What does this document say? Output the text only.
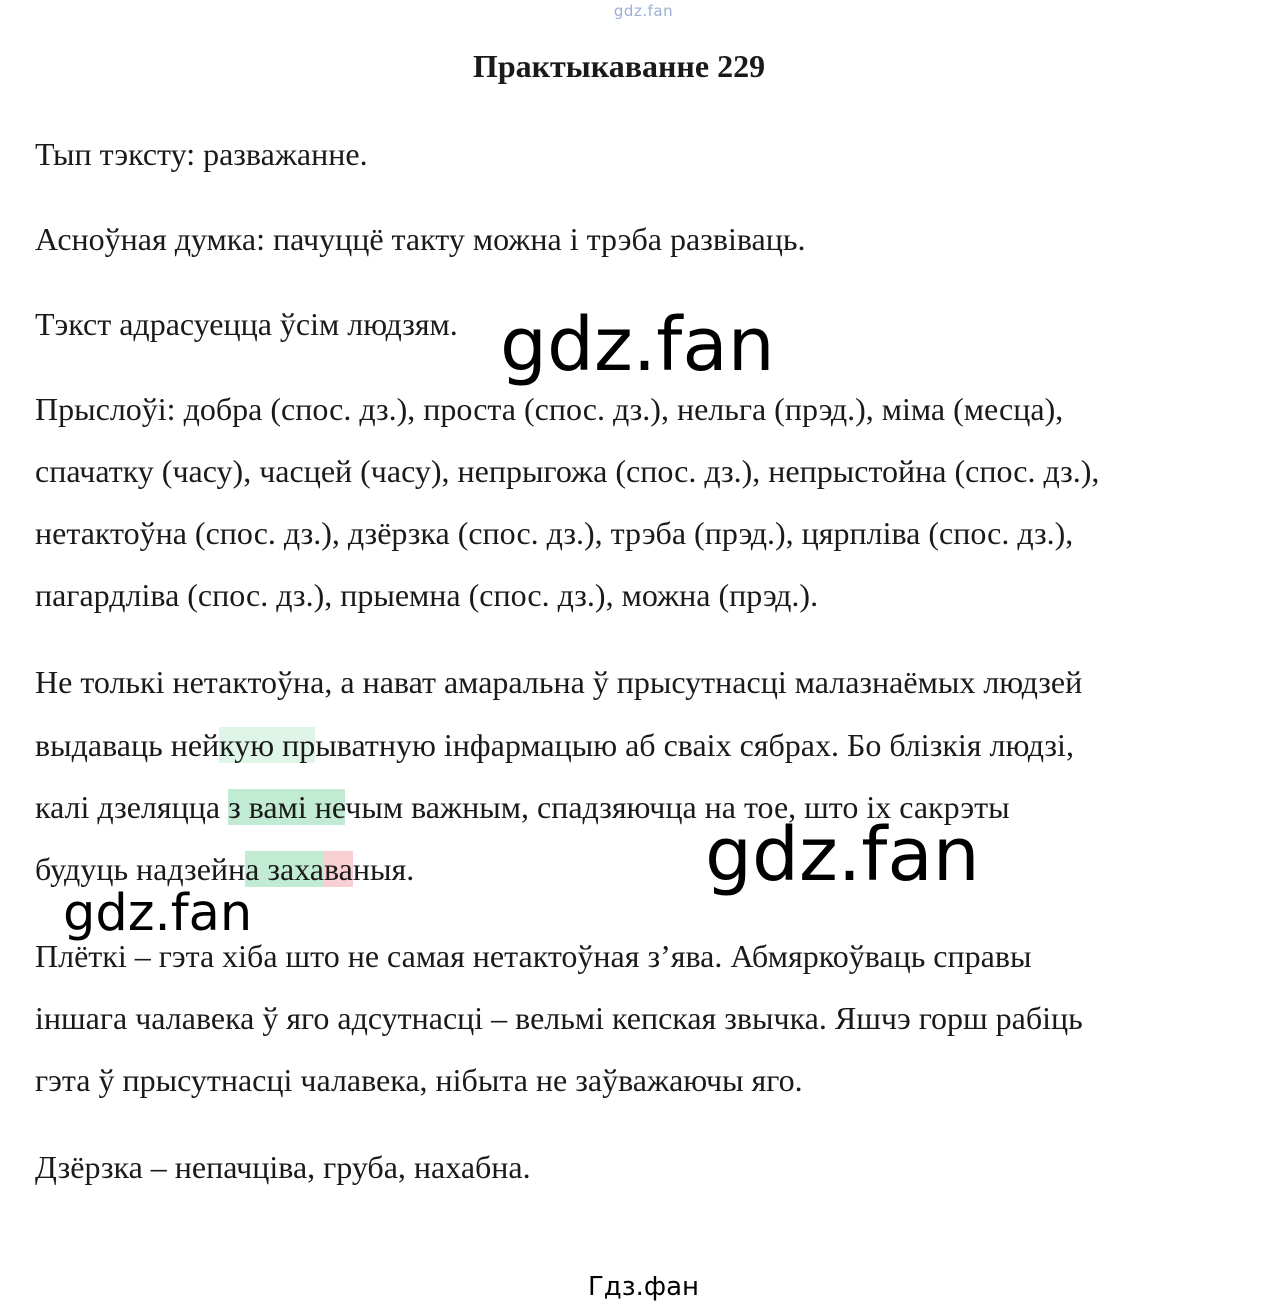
gdz.fan
Практыкаванне 229
Тып тэксту: разважанне.
Асноўная думка: пачуццё такту можна і трэба развіваць.
Тэкст адрасуецца ўсім людзям.
Прыслоўі: добра (спос. дз.), проста (спос. дз.), нельга (прэд.), міма (месца),
спачатку (часу), часцей (часу), непрыгожа (спос. дз.), непрыстойна (спос. дз.),
нетактоўна (спос. дз.), дзёрзка (спос. дз.), трэба (прэд.), цярпліва (спос. дз.),
пагардліва (спос. дз.), прыемна (спос. дз.), можна (прэд.).
Не толькі нетактоўна, а нават амаральна ў прысутнасці малазнаёмых людзей
выдаваць нейкую прыватную інфармацыю аб сваіх сябрах. Бо блізкія людзі,
калі дзеляцца з вамі нечым важным, спадзяючца на тое, што іх сакрэты
будуць надзейна захаваныя.
Плёткі – гэта хіба што не самая нетактоўная з’ява. Абмяркоўваць справы
іншага чалавека ў яго адсутнасці – вельмі кепская звычка. Яшчэ горш рабіць
гэта ў прысутнасці чалавека, нібыта не заўважаючы яго.
Дзёрзка – непачціва, груба, нахабна.
gdz.fan
gdz.fan
gdz.fan
Гдз.фан
